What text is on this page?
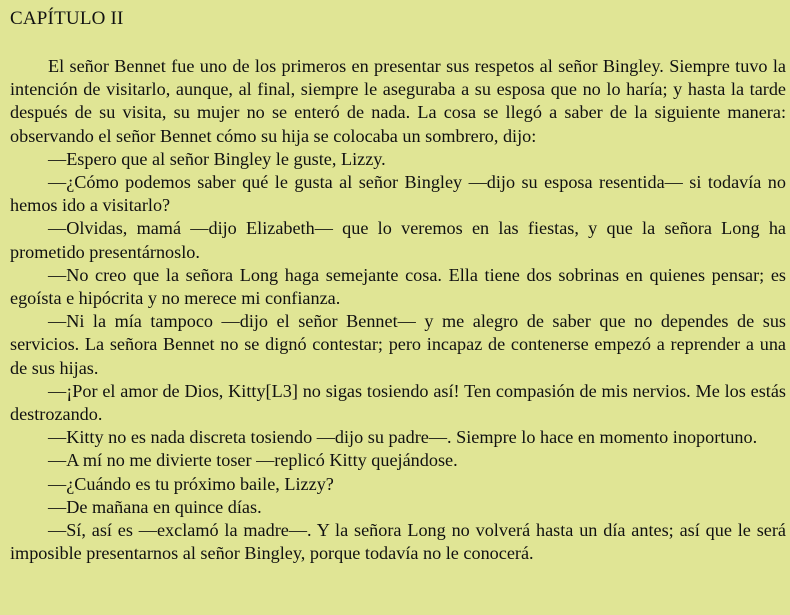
CAPÍTULO II

El señor Bennet fue uno de los primeros en presentar sus respetos al señor Bingley. Siempre tuvo la intención de visitarlo, aunque, al final, siempre le aseguraba a su esposa que no lo haría; y hasta la tarde después de su visita, su mujer no se enteró de nada. La cosa se llegó a saber de la siguiente manera: observando el señor Bennet cómo su hija se colocaba un sombrero, dijo:

—Espero que al señor Bingley le guste, Lizzy.

—¿Cómo podemos saber qué le gusta al señor Bingley —dijo su esposa resentida— si todavía no hemos ido a visitarlo?

—Olvidas, mamá —dijo Elizabeth— que lo veremos en las fiestas, y que la señora Long ha prometido presentárnoslo.

—No creo que la señora Long haga semejante cosa. Ella tiene dos sobrinas en quienes pensar; es egoísta e hipócrita y no merece mi confianza.

—Ni la mía tampoco —dijo el señor Bennet— y me alegro de saber que no dependes de sus servicios. La señora Bennet no se dignó contestar; pero incapaz de contenerse empezó a reprender a una de sus hijas.

—¡Por el amor de Dios, Kitty[L3] no sigas tosiendo así! Ten compasión de mis nervios. Me los estás destrozando.

—Kitty no es nada discreta tosiendo —dijo su padre—. Siempre lo hace en momento inoportuno.

—A mí no me divierte toser —replicó Kitty quejándose.

—¿Cuándo es tu próximo baile, Lizzy?

—De mañana en quince días.

—Sí, así es —exclamó la madre—. Y la señora Long no volverá hasta un día antes; así que le será imposible presentarnos al señor Bingley, porque todavía no le conocerá.
